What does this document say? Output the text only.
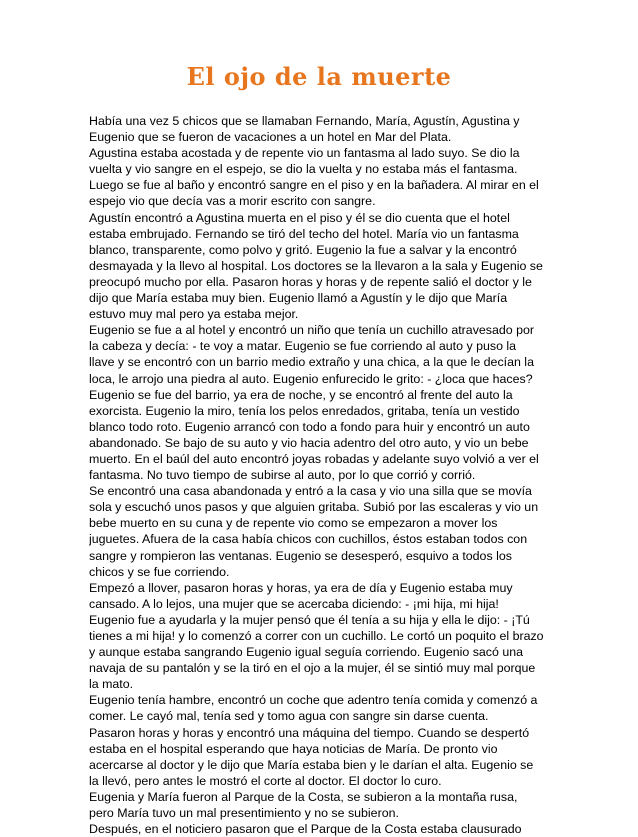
El ojo de la muerte
Había una vez 5 chicos que se llamaban Fernando, María, Agustín, Agustina y
Eugenio que se fueron de vacaciones a un hotel en Mar del Plata.
Agustina estaba acostada y de repente vio un fantasma al lado suyo. Se dio la
vuelta y vio sangre en el espejo, se dio la vuelta y no estaba más el fantasma.
Luego se fue al baño y encontró sangre en el piso y en la bañadera. Al mirar en el
espejo vio que decía vas a morir escrito con sangre.
Agustín encontró a Agustina muerta en el piso y él se dio cuenta que el hotel
estaba embrujado. Fernando se tiró del techo del hotel. María vio un fantasma
blanco, transparente, como polvo y gritó. Eugenio la fue a salvar y la encontró
desmayada y la llevo al hospital. Los doctores se la llevaron a la sala y Eugenio se
preocupó mucho por ella. Pasaron horas y horas y de repente salió el doctor y le
dijo que María estaba muy bien. Eugenio llamó a Agustín y le dijo que María
estuvo muy mal pero ya estaba mejor.
Eugenio se fue a al hotel y encontró un niño que tenía un cuchillo atravesado por
la cabeza y decía: - te voy a matar. Eugenio se fue corriendo al auto y puso la
llave y se encontró con un barrio medio extraño y una chica, a la que le decían la
loca, le arrojo una piedra al auto. Eugenio enfurecido le grito: - ¿loca que haces?
Eugenio se fue del barrio, ya era de noche, y se encontró al frente del auto la
exorcista. Eugenio la miro, tenía los pelos enredados, gritaba, tenía un vestido
blanco todo roto. Eugenio arrancó con todo a fondo para huir y encontró un auto
abandonado. Se bajo de su auto y vio hacia adentro del otro auto, y vio un bebe
muerto. En el baúl del auto encontró joyas robadas y adelante suyo volvió a ver el
fantasma. No tuvo tiempo de subirse al auto, por lo que corrió y corrió.
Se encontró una casa abandonada y entró a la casa y vio una silla que se movía
sola y escuchó unos pasos y que alguien gritaba. Subió por las escaleras y vio un
bebe muerto en su cuna y de repente vio como se empezaron a mover los
juguetes. Afuera de la casa había chicos con cuchillos, éstos estaban todos con
sangre y rompieron las ventanas. Eugenio se desesperó, esquivo a todos los
chicos y se fue corriendo.
Empezó a llover, pasaron horas y horas, ya era de día y Eugenio estaba muy
cansado. A lo lejos, una mujer que se acercaba diciendo: - ¡mi hija, mi hija!
Eugenio fue a ayudarla y la mujer pensó que él tenía a su hija y ella le dijo: - ¡Tú
tienes a mi hija! y lo comenzó a correr con un cuchillo. Le cortó un poquito el brazo
y aunque estaba sangrando Eugenio igual seguía corriendo. Eugenio sacó una
navaja de su pantalón y se la tiró en el ojo a la mujer, él se sintió muy mal porque
la mato.
Eugenio tenía hambre, encontró un coche que adentro tenía comida y comenzó a
comer. Le cayó mal, tenía sed y tomo agua con sangre sin darse cuenta.
Pasaron horas y horas y encontró una máquina del tiempo. Cuando se despertó
estaba en el hospital esperando que haya noticias de María. De pronto vio
acercarse al doctor y le dijo que María estaba bien y le darían el alta. Eugenio se
la llevó, pero antes le mostró el corte al doctor. El doctor lo curo.
Eugenia y María fueron al Parque de la Costa, se subieron a la montaña rusa,
pero María tuvo un mal presentimiento y no se subieron.
Después, en el noticiero pasaron que el Parque de la Costa estaba clausurado
